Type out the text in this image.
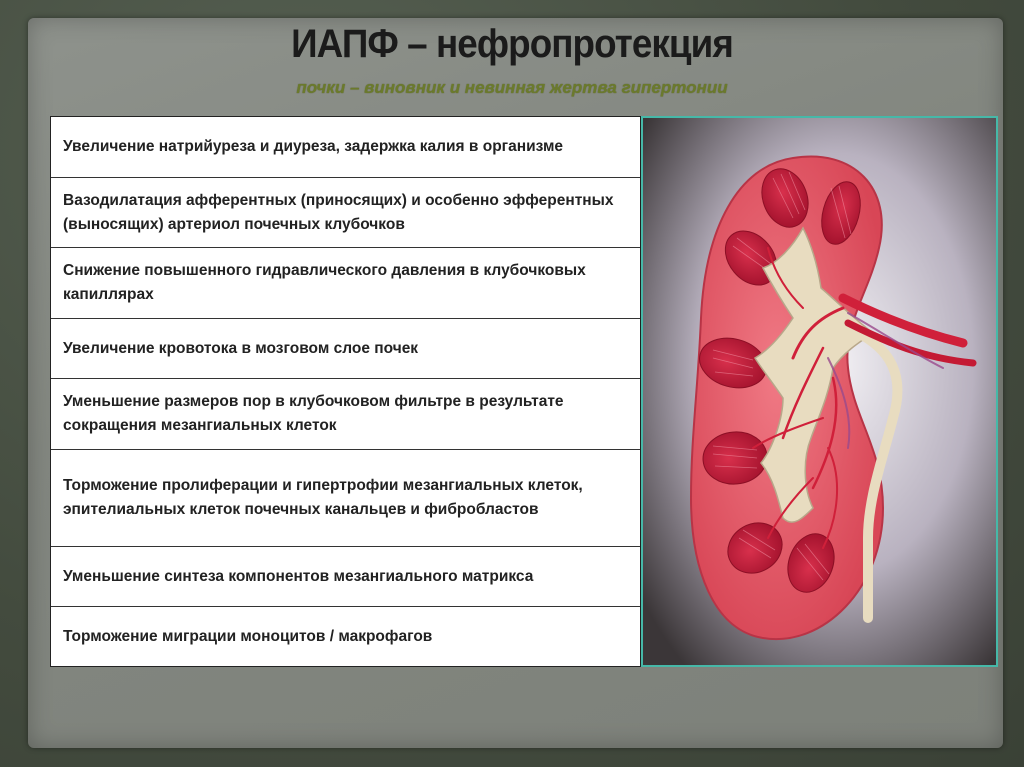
ИАПФ – нефропротекция
почки – виновник и невинная жертва гипертонии
Увеличение натрийуреза и диуреза, задержка калия в организме
Вазодилатация афферентных (приносящих) и особенно эфферентных (выносящих) артериол почечных клубочков
Снижение повышенного гидравлического давления в клубочковых капиллярах
Увеличение кровотока в мозговом слое почек
Уменьшение размеров пор в клубочковом фильтре в результате сокращения мезангиальных клеток
Торможение пролиферации и гипертрофии мезангиальных клеток, эпителиальных клеток почечных канальцев и фибробластов
Уменьшение синтеза компонентов мезангиального матрикса
Торможение миграции моноцитов / макрофагов
